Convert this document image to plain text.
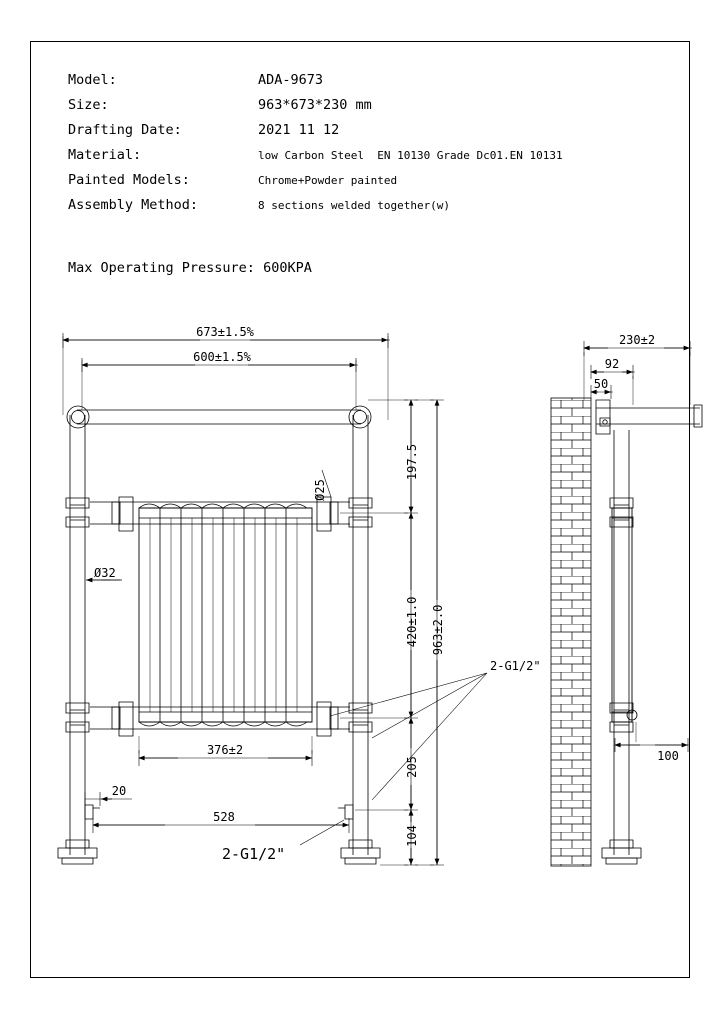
Model:	ADA-9673
Size:	963*673*230 mm
Drafting Date:	2021 11 12
Material:	low Carbon Steel  EN 10130 Grade Dc01.EN 10131
Painted Models:	Chrome+Powder painted
Assembly Method:	8 sections welded together(w)

Max Operating Pressure: 600KPA

673±1.5%
600±1.5%
376±2
528
20
197.5
420±1.0
205
104
963±2.0
Ø25
Ø32
2-G1/2"
2-G1/2"
230±2
92
50
100
